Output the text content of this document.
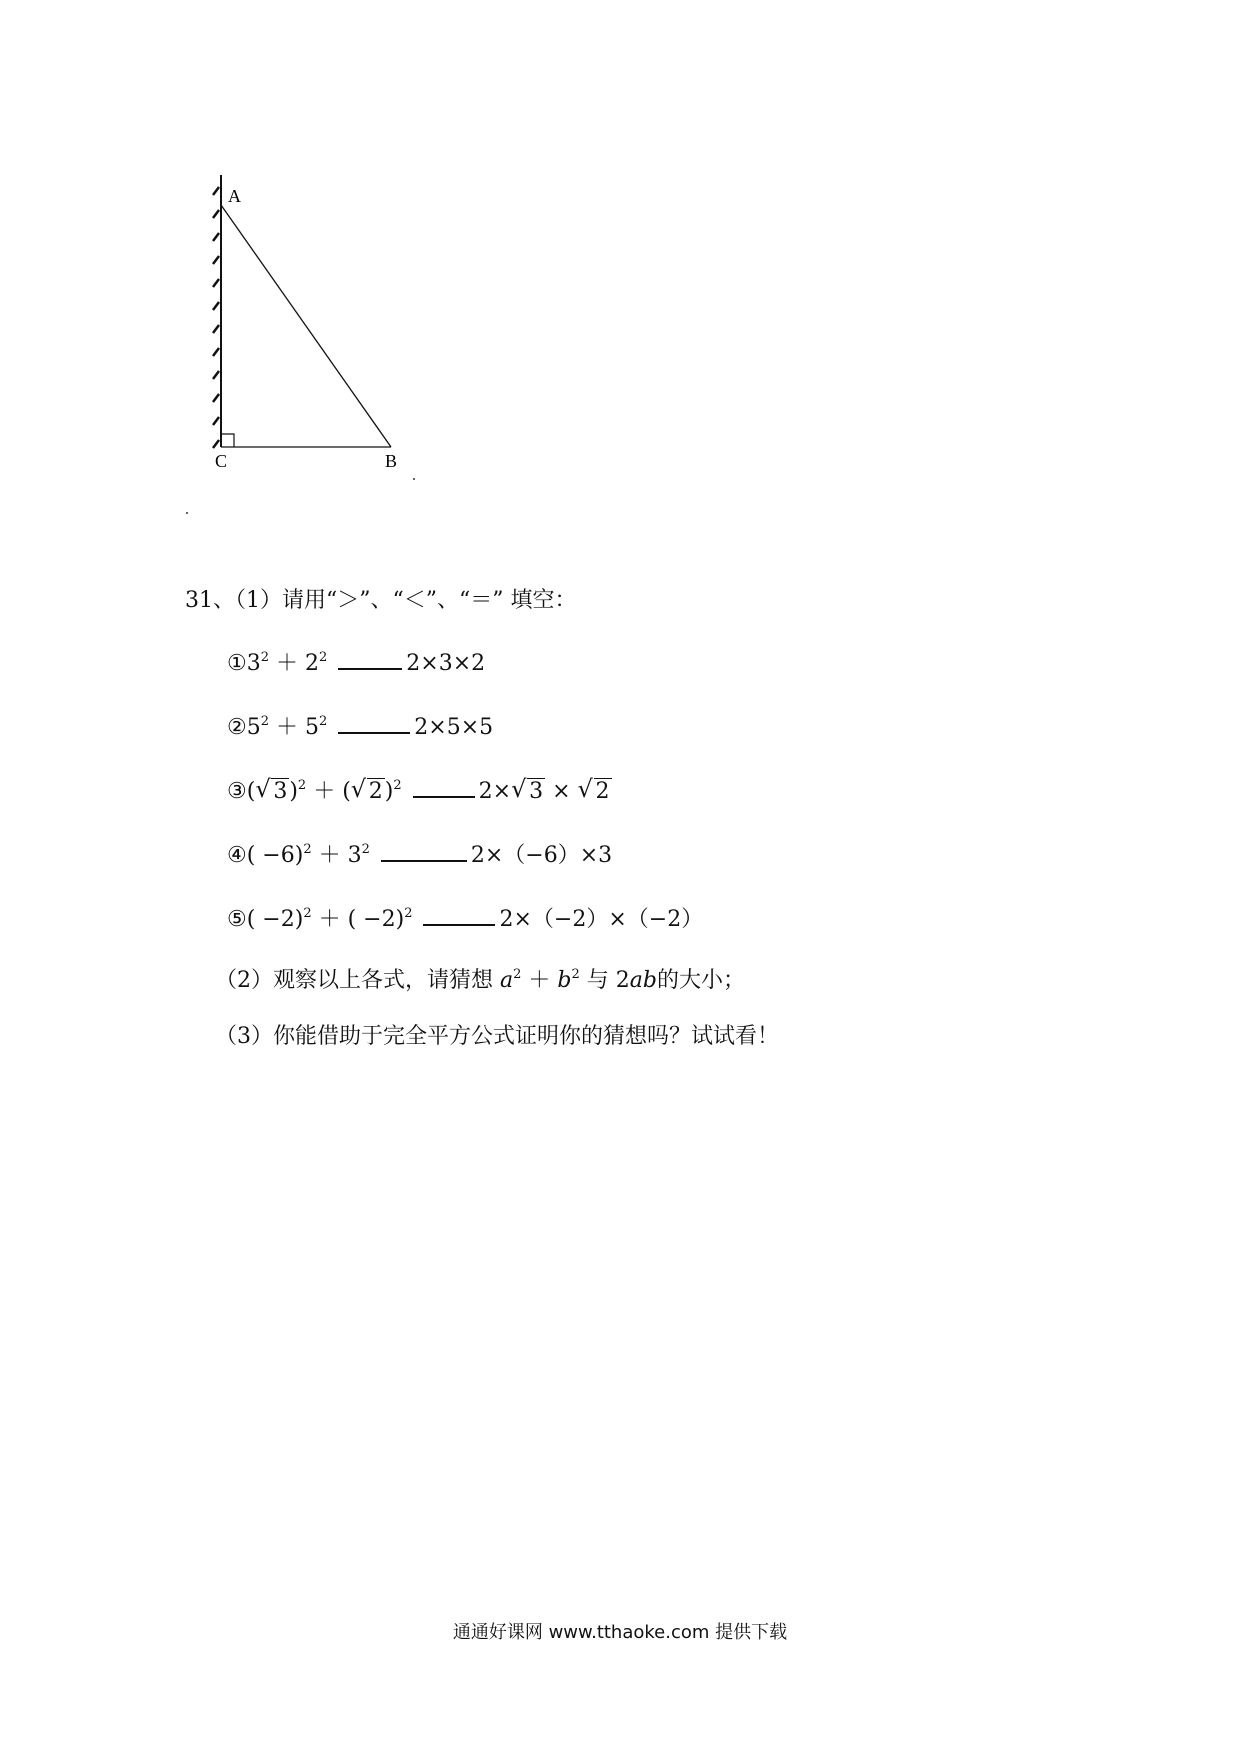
A
C	B
31、（1）请用“＞”、“＜”、“＝” 填空：
$①3^2 + 2^2$	2×3×2
$②5^2 + 5^2$	2×5×5
③( √ 3)$^2$ ＋ ( √ 2)$^2$	2× √ 3 × √ 2
④( $-6)^2 + 3^2$	2×（−6）×3
⑤( −2)$^2$ ＋ ( −2)$^2$	2×（−2）×（−2）
（2）观察以上各式，请猜想 $a^2 + b^2$ 与 2ab的大小；
（3）你能借助于完全平方公式证明你的猜想吗？试试看！
通通好课网 www.tthaoke.com 提供下载
